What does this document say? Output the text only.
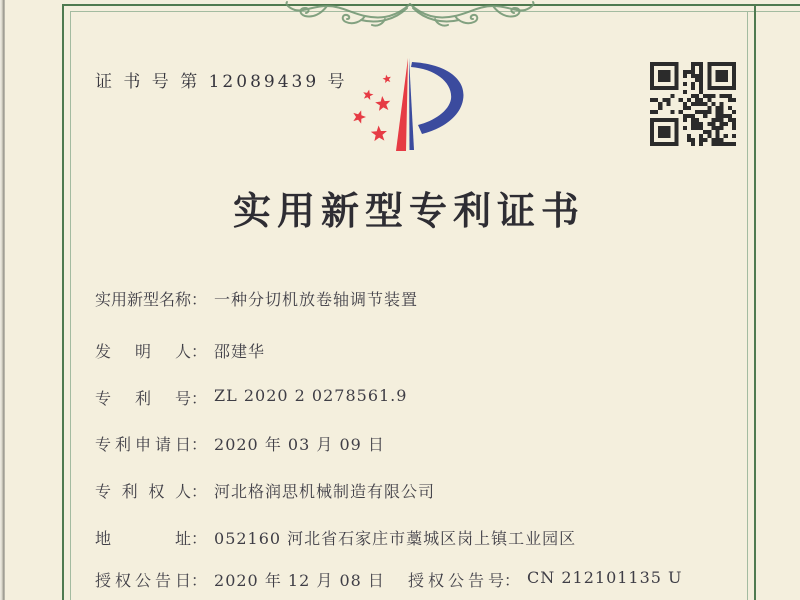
证 书 号 第 12089439 号
实用新型专利证书
实用新型名称： 一种分切机放卷轴调节装置
发明人： 邵建华
专利号： ZL 2020 2 0278561.9
专利申请日： 2020 年 03 月 09 日
专利权人： 河北格润思机械制造有限公司
地址： 052160 河北省石家庄市藁城区岗上镇工业园区
授权公告日： 2020 年 12 月 08 日 授权公告号： CN 212101135 U
